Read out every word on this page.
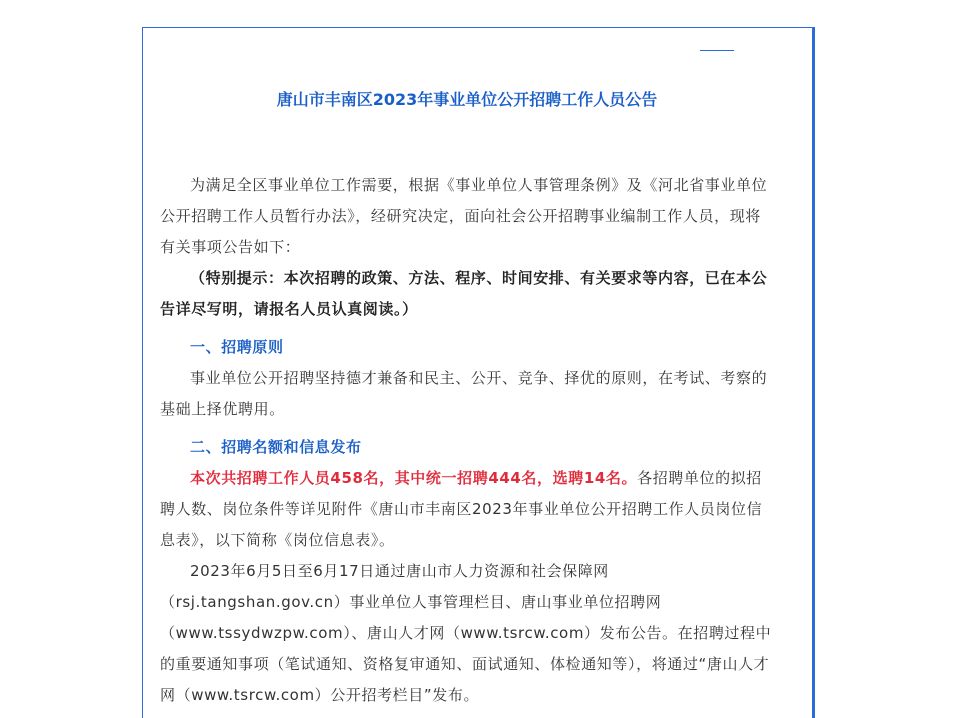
唐山市丰南区2023年事业单位公开招聘工作人员公告

为满足全区事业单位工作需要，根据《事业单位人事管理条例》及《河北省事业单位公开招聘工作人员暂行办法》，经研究决定，面向社会公开招聘事业编制工作人员，现将有关事项公告如下：

（特别提示：本次招聘的政策、方法、程序、时间安排、有关要求等内容，已在本公告详尽写明，请报名人员认真阅读。）

一、招聘原则

事业单位公开招聘坚持德才兼备和民主、公开、竞争、择优的原则，在考试、考察的基础上择优聘用。

二、招聘名额和信息发布

本次共招聘工作人员458名，其中统一招聘444名，选聘14名。各招聘单位的拟招聘人数、岗位条件等详见附件《唐山市丰南区2023年事业单位公开招聘工作人员岗位信息表》，以下简称《岗位信息表》。

2023年6月5日至6月17日通过唐山市人力资源和社会保障网（rsj.tangshan.gov.cn）事业单位人事管理栏目、唐山事业单位招聘网（www.tssydwzpw.com）、唐山人才网（www.tsrcw.com）发布公告。在招聘过程中的重要通知事项（笔试通知、资格复审通知、面试通知、体检通知等），将通过“唐山人才网（www.tsrcw.com）公开招考栏目”发布。
